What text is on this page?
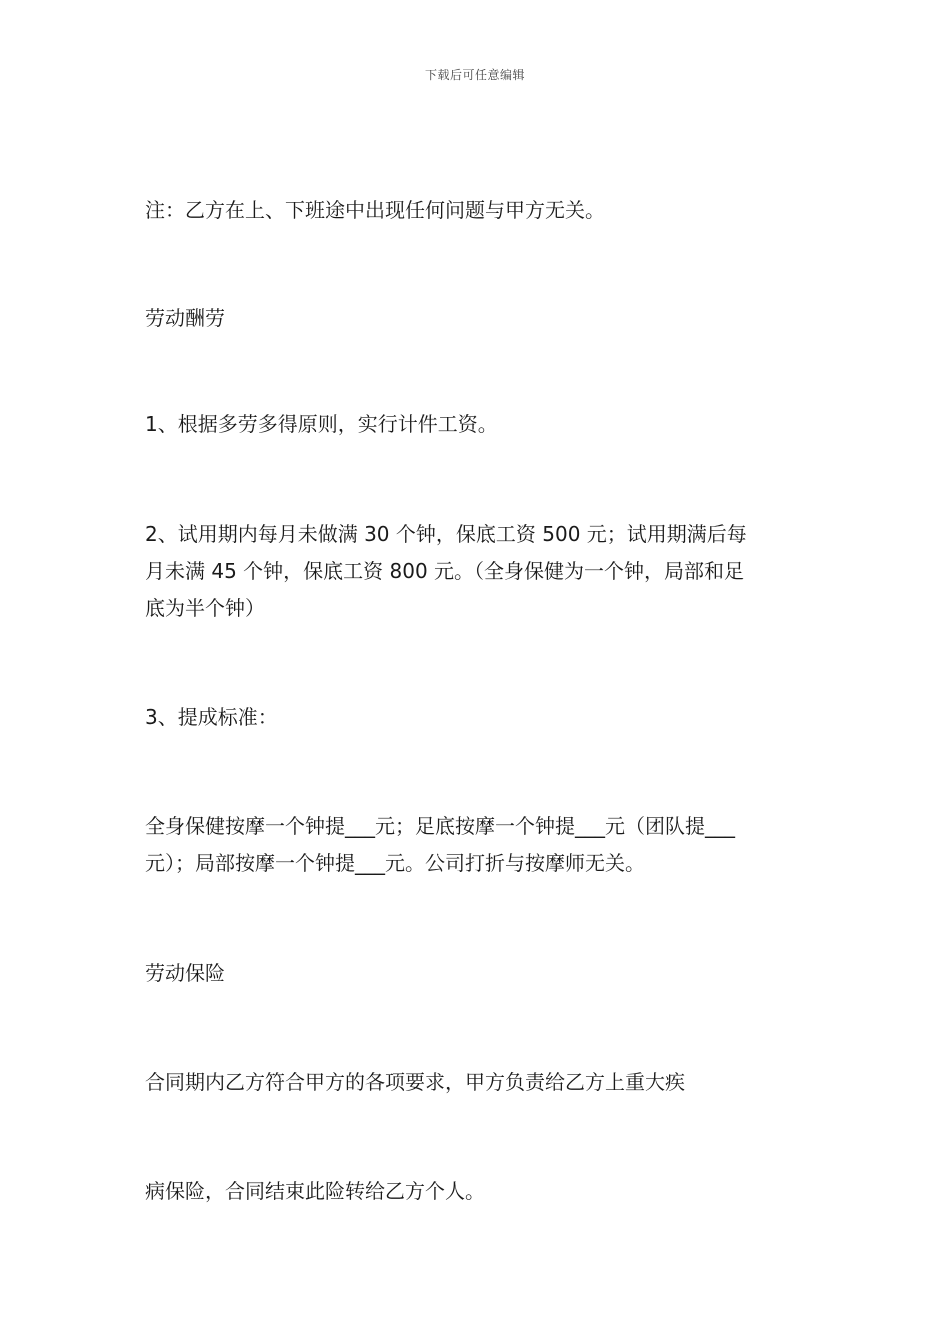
下载后可任意编辑

注：乙方在上、下班途中出现任何问题与甲方无关。

劳动酬劳

1、根据多劳多得原则，实行计件工资。

2、试用期内每月未做满 30 个钟，保底工资 500 元；试用期满后每
月未满 45 个钟，保底工资 800 元。（全身保健为一个钟，局部和足
底为半个钟）

3、提成标准：

全身保健按摩一个钟提___元；足底按摩一个钟提___元（团队提___
元）；局部按摩一个钟提___元。公司打折与按摩师无关。

劳动保险

合同期内乙方符合甲方的各项要求，甲方负责给乙方上重大疾

病保险，合同结束此险转给乙方个人。
